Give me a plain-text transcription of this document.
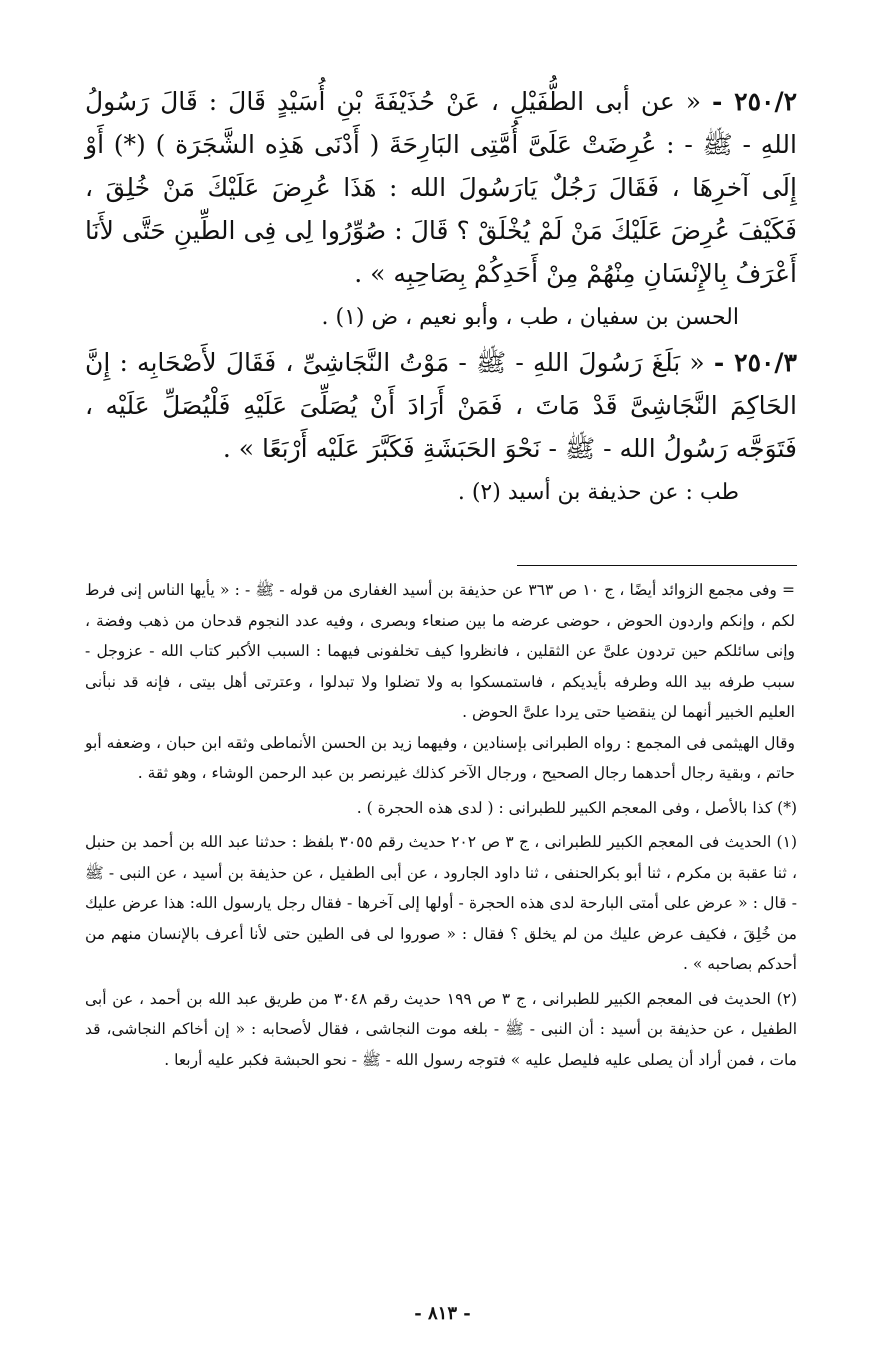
٢٥٠/٢ - « عن أبى الطُّفَيْلِ ، عَنْ حُذَيْفَةَ بْنِ أُسَيْدٍ قَالَ : قَالَ رَسُولُ اللهِ - ﷺ - : عُرِضَتْ عَلَىَّ أُمَّتِى البَارِحَةَ ( أَدْنَى هَذِه الشَّجَرَة ) (*) أَوْ إِلَى آخرِهَا ، فَقَالَ رَجُلٌ يَارَسُولَ الله : هَذَا عُرِضَ عَلَيْكَ مَنْ خُلِقَ ، فَكَيْفَ عُرِضَ عَلَيْكَ مَنْ لَمْ يُخْلَقْ ؟ قَالَ : صُوِّرُوا لِى فِى الطِّينِ حَتَّى لأَنَا أَعْرَفُ بِالإِنْسَانِ مِنْهُمْ مِنْ أَحَدِكُمْ بِصَاحِبِه » .

الحسن بن سفيان ، طب ، وأبو نعيم ، ض (١) .

٢٥٠/٣ - « بَلَغَ رَسُولَ اللهِ - ﷺ - مَوْتُ النَّجَاشِىِّ ، فَقَالَ لأَصْحَابِه : إِنَّ الحَاكِمَ النَّجَاشِىَّ قَدْ مَاتَ ، فَمَنْ أَرَادَ أَنْ يُصَلِّىَ عَلَيْهِ فَلْيُصَلِّ عَلَيْه ، فَتَوَجَّه رَسُولُ الله - ﷺ - نَحْوَ الحَبَشَةِ فَكَبَّرَ عَلَيْه أَرْبَعًا » .

طب : عن حذيفة بن أسيد (٢) .

= وفى مجمع الزوائد أيضًا ، ج ١٠ ص ٣٦٣ عن حذيفة بن أسيد الغفارى من قوله - ﷺ - : « يأيها الناس إنى فرط لكم ، وإنكم واردون الحوض ، حوضى عرضه ما بين صنعاء وبصرى ، وفيه عدد النجوم قدحان من ذهب وفضة ، وإنى سائلكم حين تردون علىَّ عن الثقلين ، فانظروا كيف تخلفونى فيهما : السبب الأكبر كتاب الله - عزوجل - سبب طرفه بيد الله وطرفه بأيديكم ، فاستمسكوا به ولا تضلوا ولا تبدلوا ، وعترتى أهل بيتى ، فإنه قد نبأنى العليم الخبير أنهما لن ينقضيا حتى يردا علىَّ الحوض .

وقال الهيثمى فى المجمع : رواه الطبرانى بإسنادين ، وفيهما زيد بن الحسن الأنماطى وثقه ابن حبان ، وضعفه أبو حاتم ، وبقية رجال أحدهما رجال الصحيح ، ورجال الآخر كذلك غيرنصر بن عبد الرحمن الوشاء ، وهو ثقة .

(*) كذا بالأصل ، وفى المعجم الكبير للطبرانى : ( لدى هذه الحجرة ) .

(١) الحديث فى المعجم الكبير للطبرانى ، ج ٣ ص ٢٠٢ حديث رقم ٣٠٥٥ بلفظ : حدثنا عبد الله بن أحمد بن حنبل ، ثنا عقبة بن مكرم ، ثنا أبو بكرالحنفى ، ثنا داود الجارود ، عن أبى الطفيل ، عن حذيفة بن أسيد ، عن النبى - ﷺ - قال : « عرض على أمتى البارحة لدى هذه الحجرة - أولها إلى آخرها - فقال رجل يارسول الله: هذا عرض عليك من خُلِقَ ، فكيف عرض عليك من لم يخلق ؟ فقال : « صوروا لى فى الطين حتى لأنا أعرف بالإنسان منهم من أحدكم بصاحبه » .

(٢) الحديث فى المعجم الكبير للطبرانى ، ج ٣ ص ١٩٩ حديث رقم ٣٠٤٨ من طريق عبد الله بن أحمد ، عن أبى الطفيل ، عن حذيفة بن أسيد : أن النبى - ﷺ - بلغه موت النجاشى ، فقال لأصحابه : « إن أخاكم النجاشى، قد مات ، فمن أراد أن يصلى عليه فليصل عليه » فتوجه رسول الله - ﷺ - نحو الحبشة فكبر عليه أربعا .

- ٨١٣ -
